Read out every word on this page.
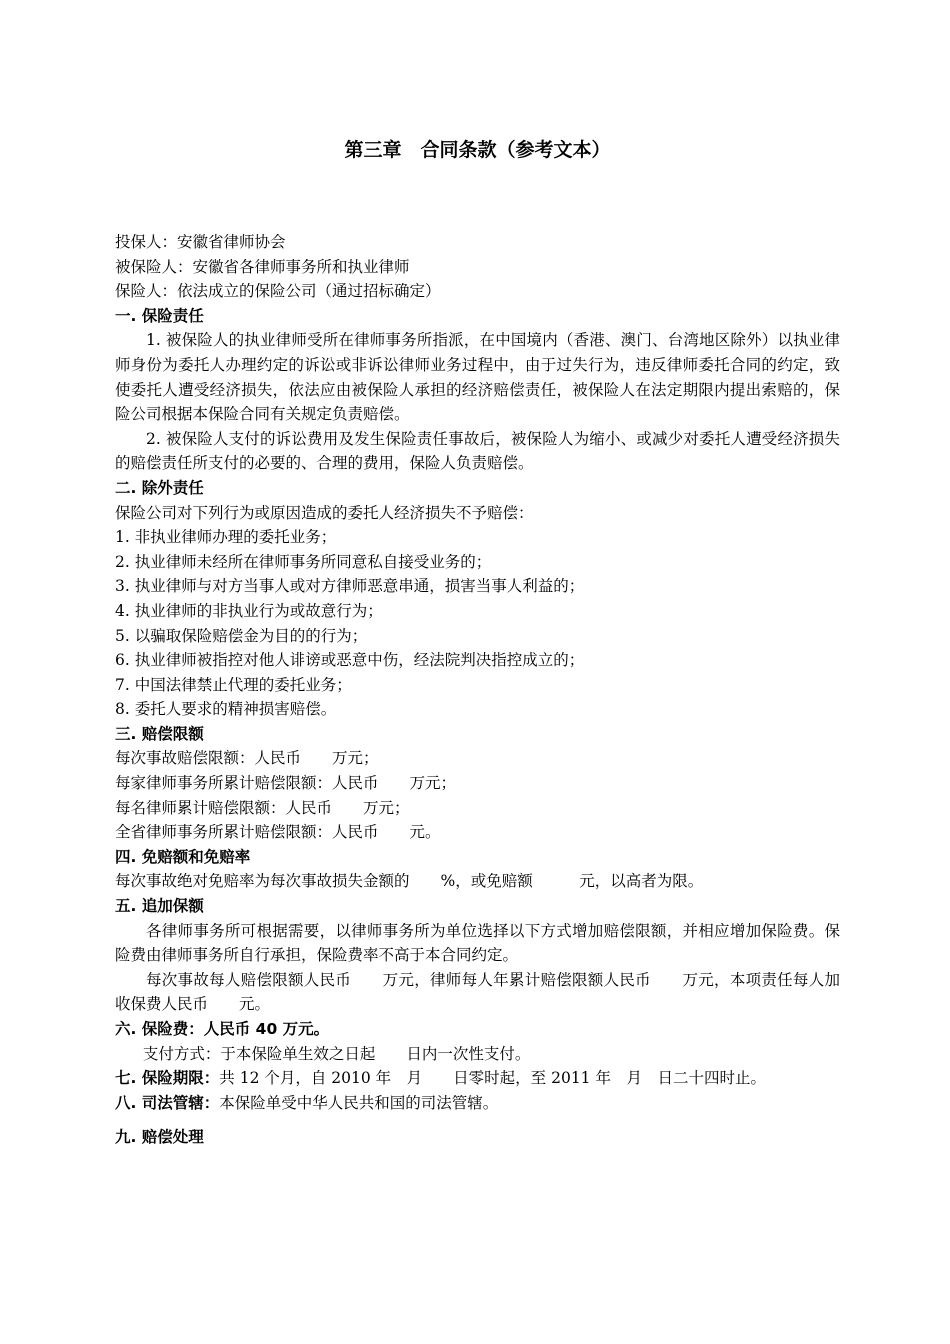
第三章　合同条款（参考文本）
投保人：安徽省律师协会
被保险人：安徽省各律师事务所和执业律师
保险人：依法成立的保险公司（通过招标确定）
一. 保险责任

1. 被保险人的执业律师受所在律师事务所指派，在中国境内（香港、澳门、台湾地区除外）以执业律师身份为委托人办理约定的诉讼或非诉讼律师业务过程中，由于过失行为，违反律师委托合同的约定，致使委托人遭受经济损失，依法应由被保险人承担的经济赔偿责任，被保险人在法定期限内提出索赔的，保险公司根据本保险合同有关规定负责赔偿。

2. 被保险人支付的诉讼费用及发生保险责任事故后，被保险人为缩小、或减少对委托人遭受经济损失的赔偿责任所支付的必要的、合理的费用，保险人负责赔偿。

二. 除外责任
保险公司对下列行为或原因造成的委托人经济损失不予赔偿：
1. 非执业律师办理的委托业务；
2. 执业律师未经所在律师事务所同意私自接受业务的；
3. 执业律师与对方当事人或对方律师恶意串通，损害当事人利益的；
4. 执业律师的非执业行为或故意行为；
5. 以骗取保险赔偿金为目的的行为；
6. 执业律师被指控对他人诽谤或恶意中伤，经法院判决指控成立的；
7. 中国法律禁止代理的委托业务；
8. 委托人要求的精神损害赔偿。
三. 赔偿限额
每次事故赔偿限额：人民币　　万元；
每家律师事务所累计赔偿限额：人民币　　万元；
每名律师累计赔偿限额：人民币　　万元；
全省律师事务所累计赔偿限额：人民币　　元。
四. 免赔额和免赔率
每次事故绝对免赔率为每次事故损失金额的　　%，或免赔额　　　元，以高者为限。
五. 追加保额

各律师事务所可根据需要，以律师事务所为单位选择以下方式增加赔偿限额，并相应增加保险费。保险费由律师事务所自行承担，保险费率不高于本合同约定。

每次事故每人赔偿限额人民币　　万元，律师每人年累计赔偿限额人民币　　万元，本项责任每人加收保费人民币　　元。

六. 保险费：人民币 40 万元。
支付方式：于本保险单生效之日起　　日内一次性支付。
七. 保险期限：共 12 个月，自 2010 年　月　　日零时起，至 2011 年　月　日二十四时止。
八. 司法管辖：本保险单受中华人民共和国的司法管辖。
九. 赔偿处理
